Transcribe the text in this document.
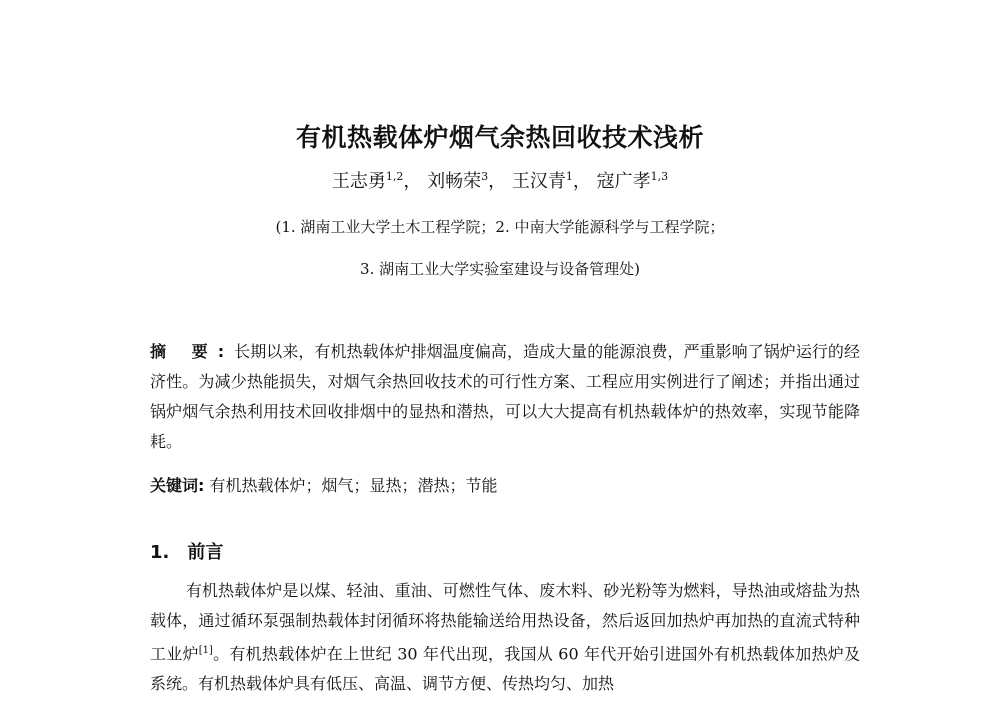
有机热载体炉烟气余热回收技术浅析
王志勇$^{1,2}$， 刘畅荣$^3$， 王汉青$^1$， 寇广孝$^{1,3}$
(1. 湖南工业大学土木工程学院；2. 中南大学能源科学与工程学院；
3. 湖南工业大学实验室建设与设备管理处)
摘 要:长期以来，有机热载体炉排烟温度偏高，造成大量的能源浪费，严重影响了锅炉运行的经济性。为减少热能损失，对烟气余热回收技术的可行性方案、工程应用实例进行了阐述；并指出通过锅炉烟气余热利用技术回收排烟中的显热和潜热，可以大大提高有机热载体炉的热效率，实现节能降耗。
关键词: 有机热载体炉；烟气；显热；潜热；节能
1. 前言
有机热载体炉是以煤、轻油、重油、可燃性气体、废木料、砂光粉等为燃料，导热油或熔盐为热载体，通过循环泵强制热载体封闭循环将热能输送给用热设备，然后返回加热炉再加热的直流式特种工业炉[1]。有机热载体炉在上世纪 30 年代出现，我国从 60 年代开始引进国外有机热载体加热炉及系统。有机热载体炉具有低压、高温、调节方便、传热均匀、加热
